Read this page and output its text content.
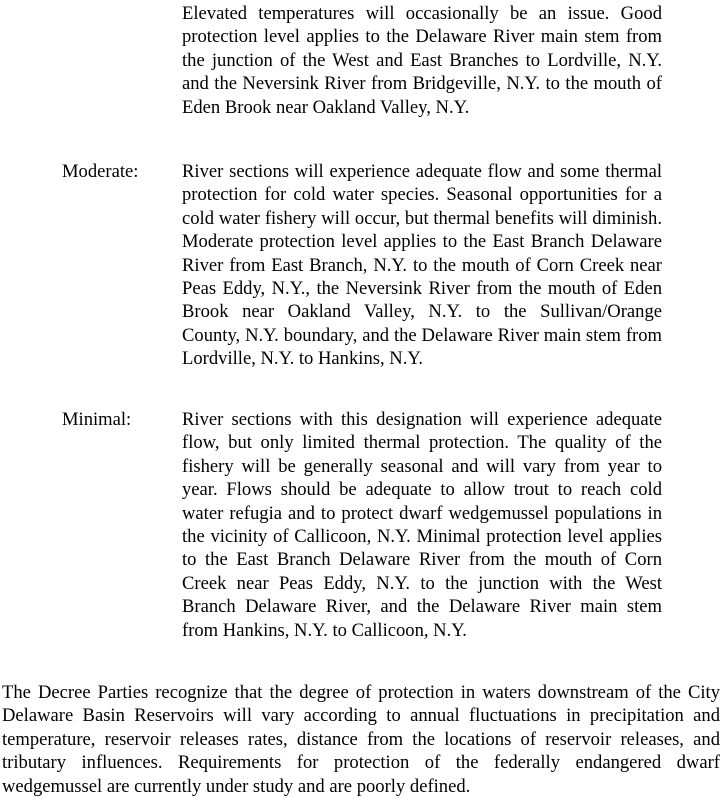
Elevated temperatures will occasionally be an issue. Good protection level applies to the Delaware River main stem from the junction of the West and East Branches to Lordville, N.Y. and the Neversink River from Bridgeville, N.Y. to the mouth of Eden Brook near Oakland Valley, N.Y.

Moderate: River sections will experience adequate flow and some thermal protection for cold water species. Seasonal opportunities for a cold water fishery will occur, but thermal benefits will diminish. Moderate protection level applies to the East Branch Delaware River from East Branch, N.Y. to the mouth of Corn Creek near Peas Eddy, N.Y., the Neversink River from the mouth of Eden Brook near Oakland Valley, N.Y. to the Sullivan/Orange County, N.Y. boundary, and the Delaware River main stem from Lordville, N.Y. to Hankins, N.Y.

Minimal:	River sections with this designation will experience adequate flow, but only limited thermal protection. The quality of the fishery will be generally seasonal and will vary from year to year. Flows should be adequate to allow trout to reach cold water refugia and to protect dwarf wedgemussel populations in the vicinity of Callicoon, N.Y. Minimal protection level applies to the East Branch Delaware River from the mouth of Corn Creek near Peas Eddy, N.Y. to the junction with the West Branch Delaware River, and the Delaware River main stem from Hankins, N.Y. to Callicoon, N.Y.

The Decree Parties recognize that the degree of protection in waters downstream of the City Delaware Basin Reservoirs will vary according to annual fluctuations in precipitation and temperature, reservoir releases rates, distance from the locations of reservoir releases, and tributary influences. Requirements for protection of the federally endangered dwarf wedgemussel are currently under study and are poorly defined.
